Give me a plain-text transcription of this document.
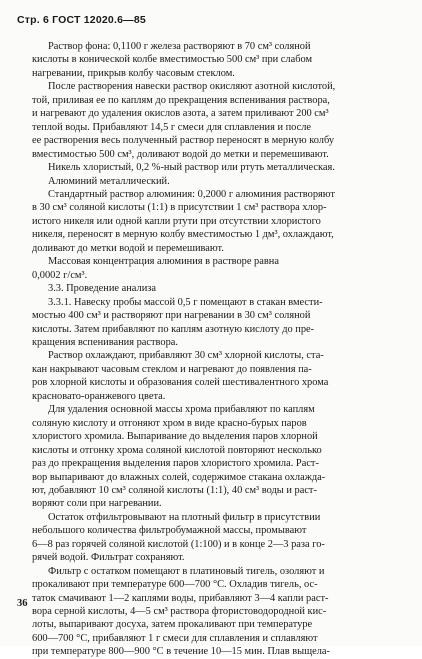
Стр. 6 ГОСТ 12020.6—85
Раствор фона: 0,1100 г железа растворяют в 70 см³ соляной
кислоты в конической колбе вместимостью 500 см³ при слабом
нагревании, прикрыв колбу часовым стеклом.
После растворения навески раствор окисляют азотной кислотой,
той, приливая ее по каплям до прекращения вспенивания раствора,
и нагревают до удаления окислов азота, а затем приливают 200 см³
теплой воды. Прибавляют 14,5 г смеси для сплавления и после
ее растворения весь полученный раствор переносят в мерную колбу
вместимостью 500 см³, доливают водой до метки и перемешивают.
Никель хлористый, 0,2 %-ный раствор или ртуть металлическая.
Алюминий металлический.
Стандартный раствор алюминия: 0,2000 г алюминия растворяют
в 30 см³ соляной кислоты (1:1) в присутствии 1 см³ раствора хлор-
истого никеля или одной капли ртути при отсутствии хлористого
никеля, переносят в мерную колбу вместимостью 1 дм³, охлаждают,
доливают до метки водой и перемешивают.
Массовая концентрация алюминия в растворе равна
0,0002 г/см³.
3.3. Проведение анализа
3.3.1. Навеску пробы массой 0,5 г помещают в стакан вмести-
мостью 400 см³ и растворяют при нагревании в 30 см³ соляной
кислоты. Затем прибавляют по каплям азотную кислоту до пре-
кращения вспенивания раствора.
Раствор охлаждают, прибавляют 30 см³ хлорной кислоты, ста-
кан накрывают часовым стеклом и нагревают до появления па-
ров хлорной кислоты и образования солей шестивалентного хрома
красновато-оранжевого цвета.
Для удаления основной массы хрома прибавляют по каплям
соляную кислоту и отгоняют хром в виде красно-бурых паров
хлористого хромила. Выпаривание до выделения паров хлорной
кислоты и отгонку хрома соляной кислотой повторяют несколько
раз до прекращения выделения паров хлористого хромила. Раст-
вор выпаривают до влажных солей, содержимое стакана охлажда-
ют, добавляют 10 см³ соляной кислоты (1:1), 40 см³ воды и раст-
воряют соли при нагревании.
Остаток отфильтровывают на плотный фильтр в присутствии
небольшого количества фильтробумажной массы, промывают
6—8 раз горячей соляной кислотой (1:100) и в конце 2—3 раза го-
рячей водой. Фильтрат сохраняют.
Фильтр с остатком помещают в платиновый тигель, озоляют и
прокаливают при температуре 600—700 °С. Охладив тигель, ос-
таток смачивают 1—2 каплями воды, прибавляют 3—4 капли раст-
вора серной кислоты, 4—5 см³ раствора фтористоводородной кис-
лоты, выпаривают досуха, затем прокаливают при температуре
600—700 °С, прибавляют 1 г смеси для сплавления и сплавляют
при температуре 800—900 °С в течение 10—15 мин. Плав выщела-
36
